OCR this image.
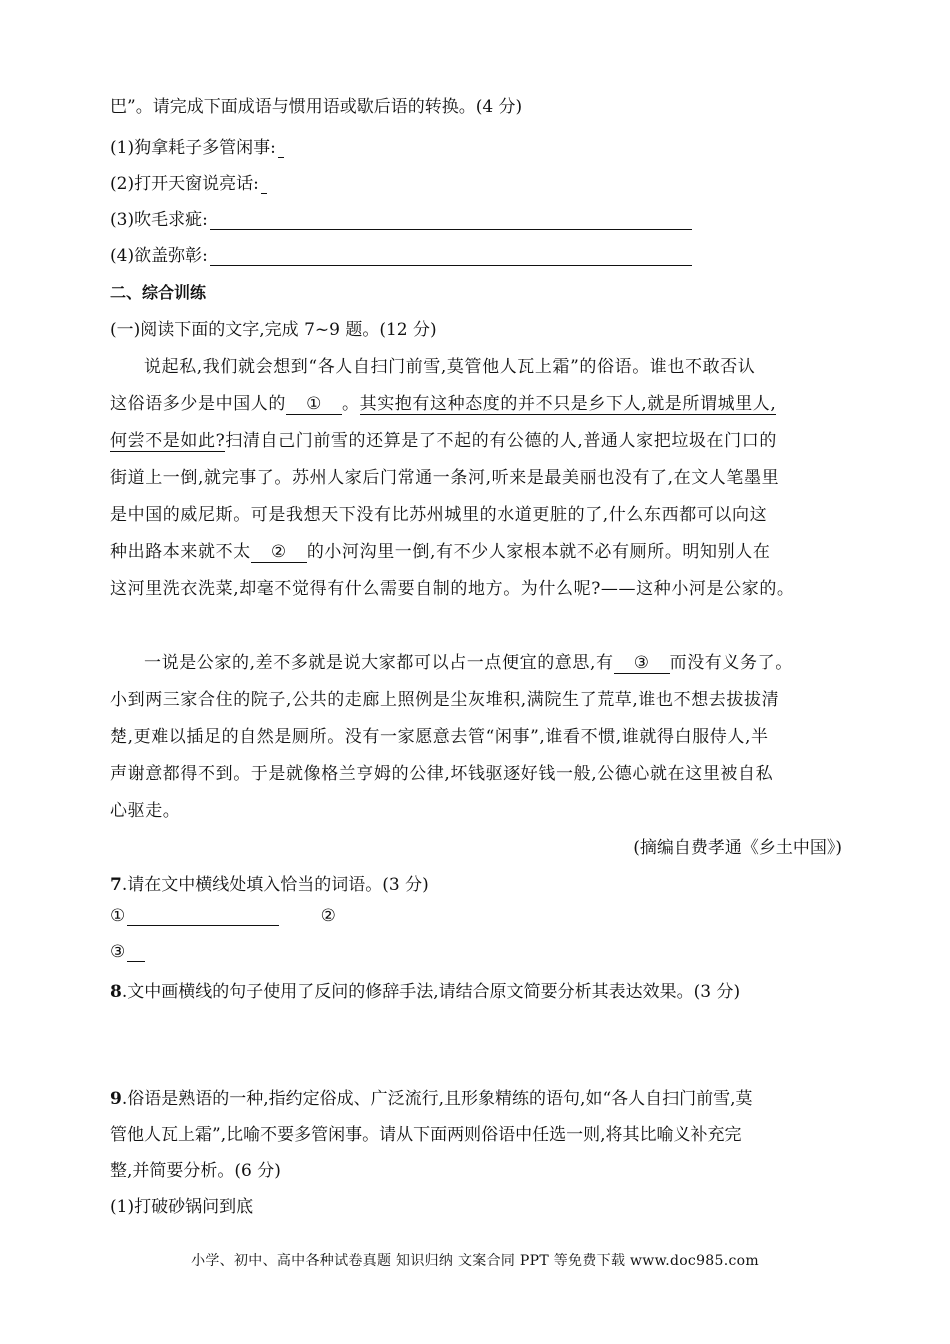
巴”。请完成下面成语与惯用语或歇后语的转换。(4 分)
(1)狗拿耗子多管闲事:
(2)打开天窗说亮话:
(3)吹毛求疵:
(4)欲盖弥彰:
二、综合训练
(一)阅读下面的文字,完成 7~9 题。(12 分)
说起私,我们就会想到“各人自扫门前雪,莫管他人瓦上霜”的俗语。谁也不敢否认
这俗语多少是中国人的 ① 。其实抱有这种态度的并不只是乡下人,就是所谓城里人,
何尝不是如此?扫清自己门前雪的还算是了不起的有公德的人,普通人家把垃圾在门口的
街道上一倒,就完事了。苏州人家后门常通一条河,听来是最美丽也没有了,在文人笔墨里
是中国的威尼斯。可是我想天下没有比苏州城里的水道更脏的了,什么东西都可以向这
种出路本来就不太 ② 的小河沟里一倒,有不少人家根本就不必有厕所。明知别人在
这河里洗衣洗菜,却毫不觉得有什么需要自制的地方。为什么呢?——这种小河是公家的。
一说是公家的,差不多就是说大家都可以占一点便宜的意思,有 ③ 而没有义务了。
小到两三家合住的院子,公共的走廊上照例是尘灰堆积,满院生了荒草,谁也不想去拔拔清
楚,更难以插足的自然是厕所。没有一家愿意去管“闲事”,谁看不惯,谁就得白服侍人,半
声谢意都得不到。于是就像格兰亨姆的公律,坏钱驱逐好钱一般,公德心就在这里被自私
心驱走。
(摘编自费孝通《乡土中国》)
7.请在文中横线处填入恰当的词语。(3 分)
①	②
③
8.文中画横线的句子使用了反问的修辞手法,请结合原文简要分析其表达效果。(3 分)
9.俗语是熟语的一种,指约定俗成、广泛流行,且形象精练的语句,如“各人自扫门前雪,莫
管他人瓦上霜”,比喻不要多管闲事。请从下面两则俗语中任选一则,将其比喻义补充完
整,并简要分析。(6 分)
(1)打破砂锅问到底
小学、初中、高中各种试卷真题 知识归纳 文案合同 PPT 等免费下载 www.doc985.com
